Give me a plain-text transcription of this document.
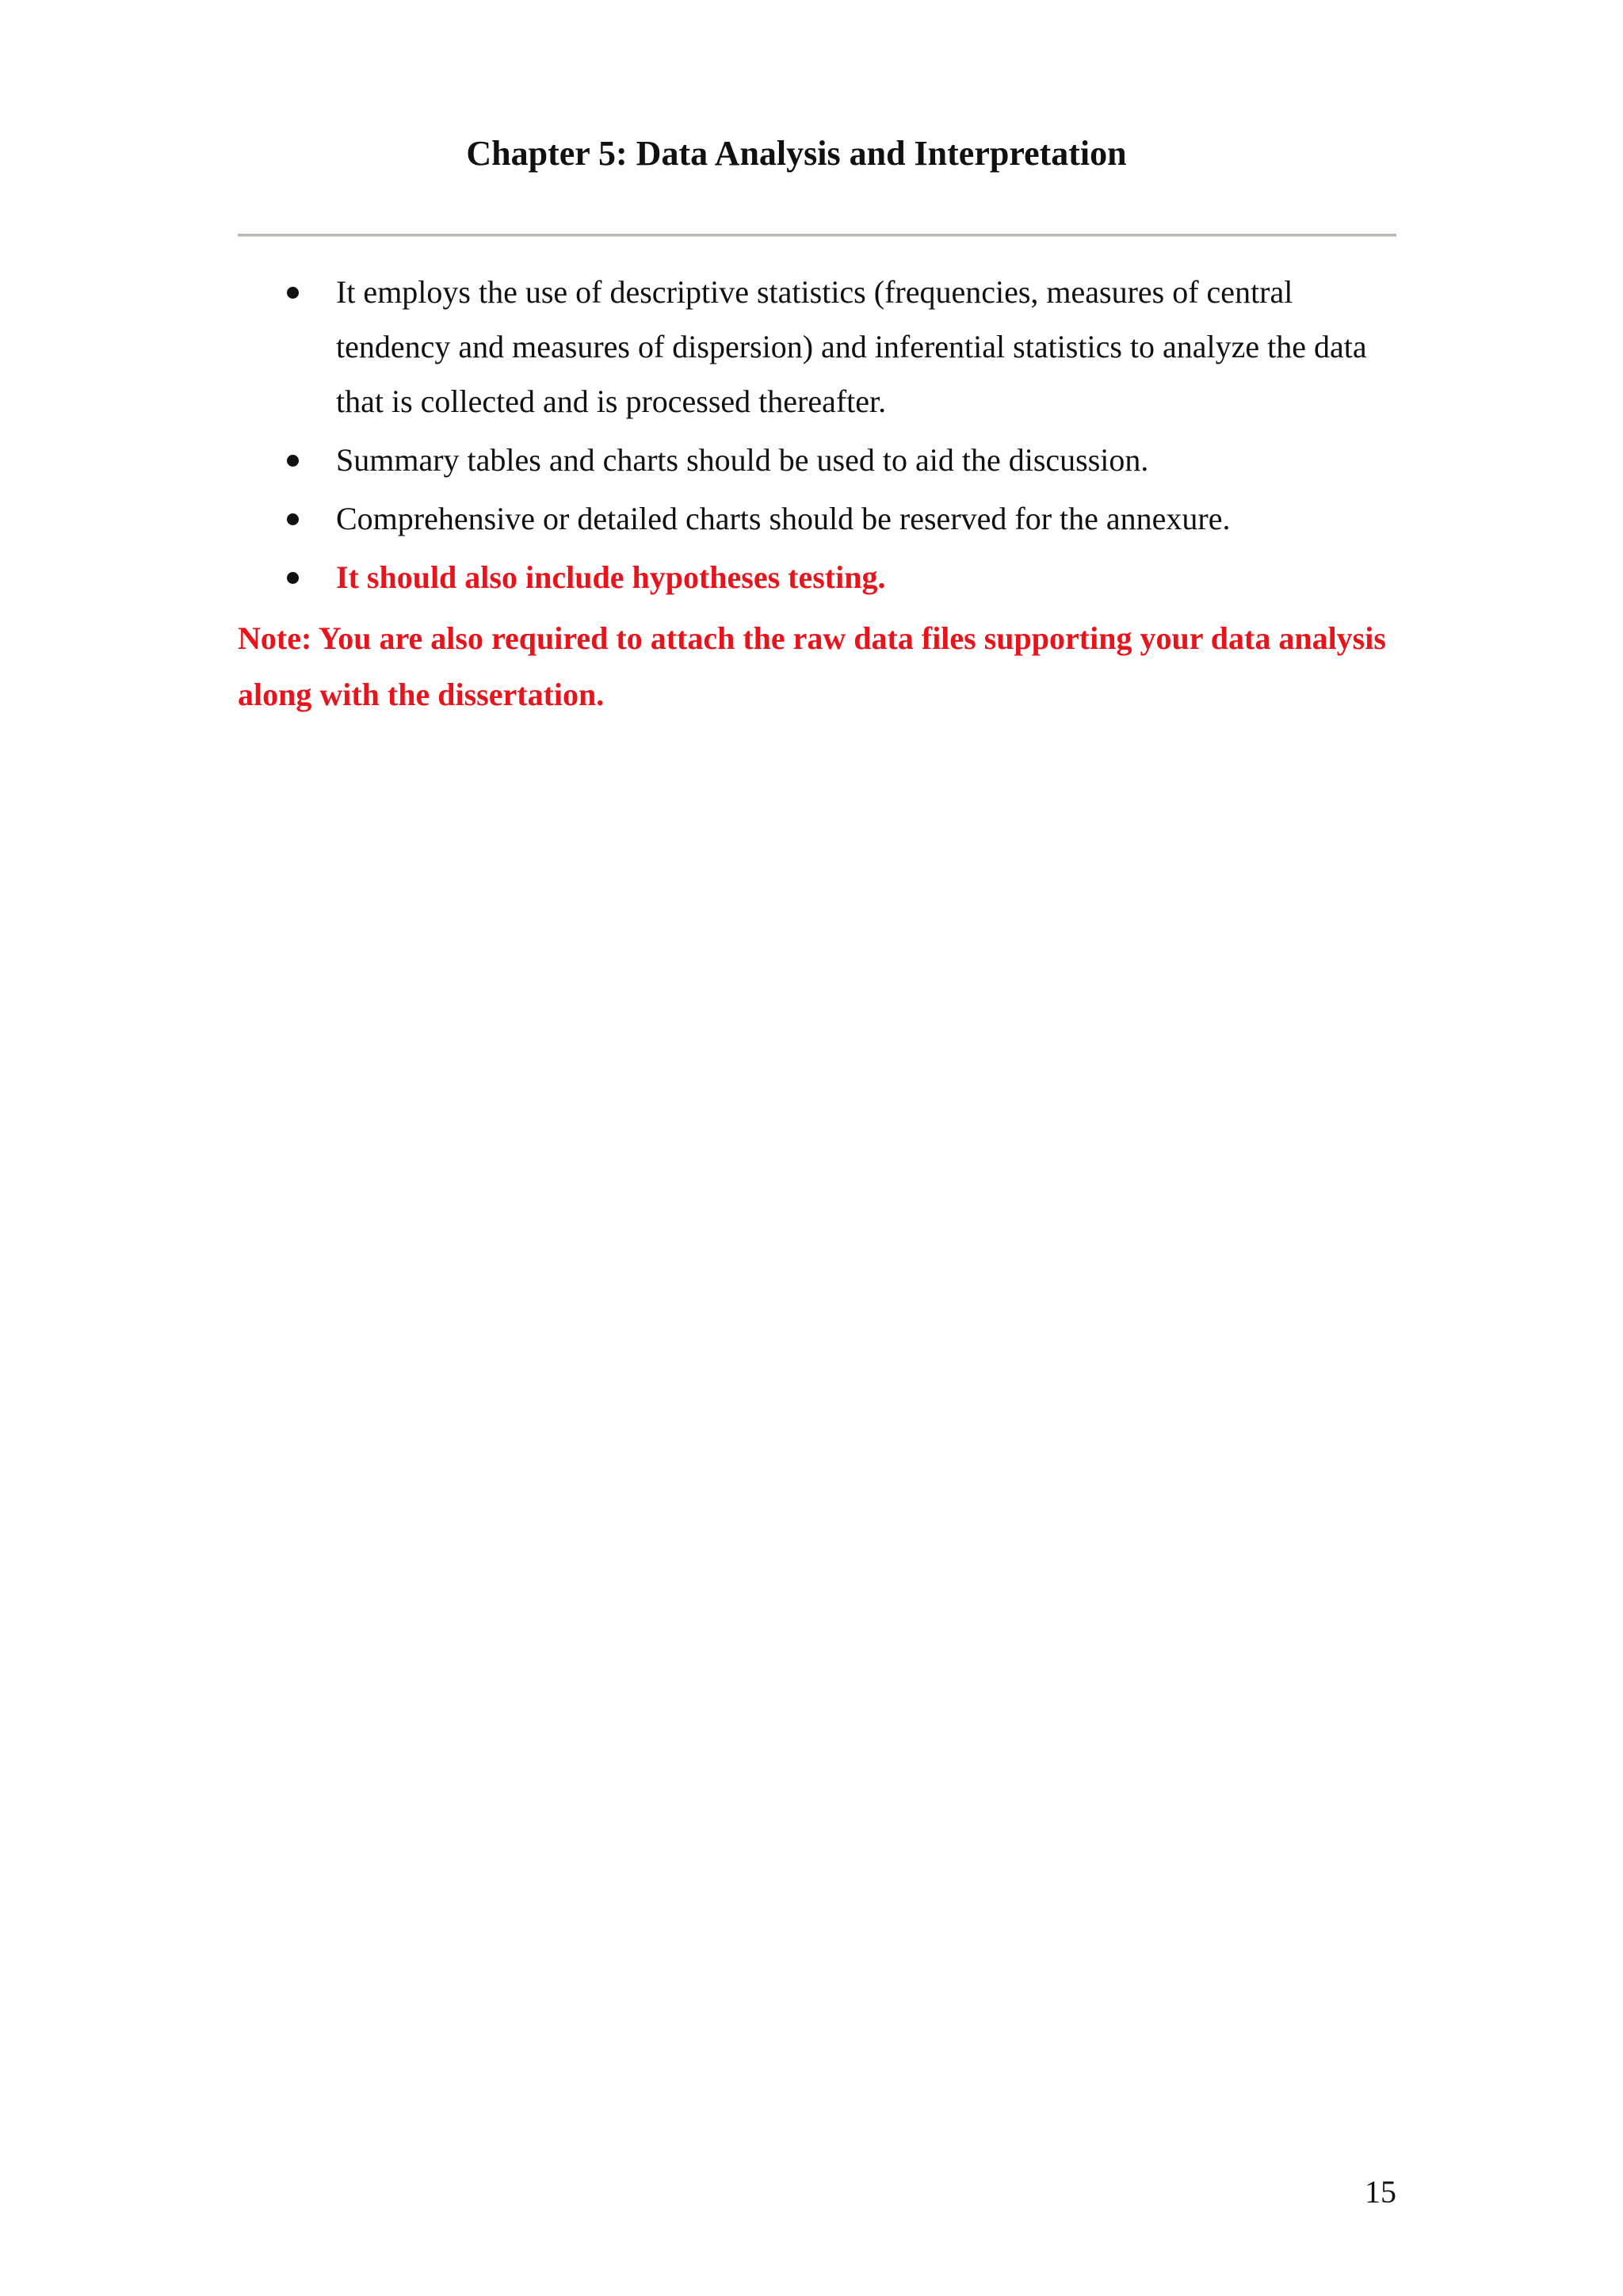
Chapter 5: Data Analysis and Interpretation
It employs the use of descriptive statistics (frequencies, measures of central tendency and measures of dispersion) and inferential statistics to analyze the data that is collected and is processed thereafter.
Summary tables and charts should be used to aid the discussion.
Comprehensive or detailed charts should be reserved for the annexure.
It should also include hypotheses testing.

Note: You are also required to attach the raw data files supporting your data analysis along with the dissertation.

15
